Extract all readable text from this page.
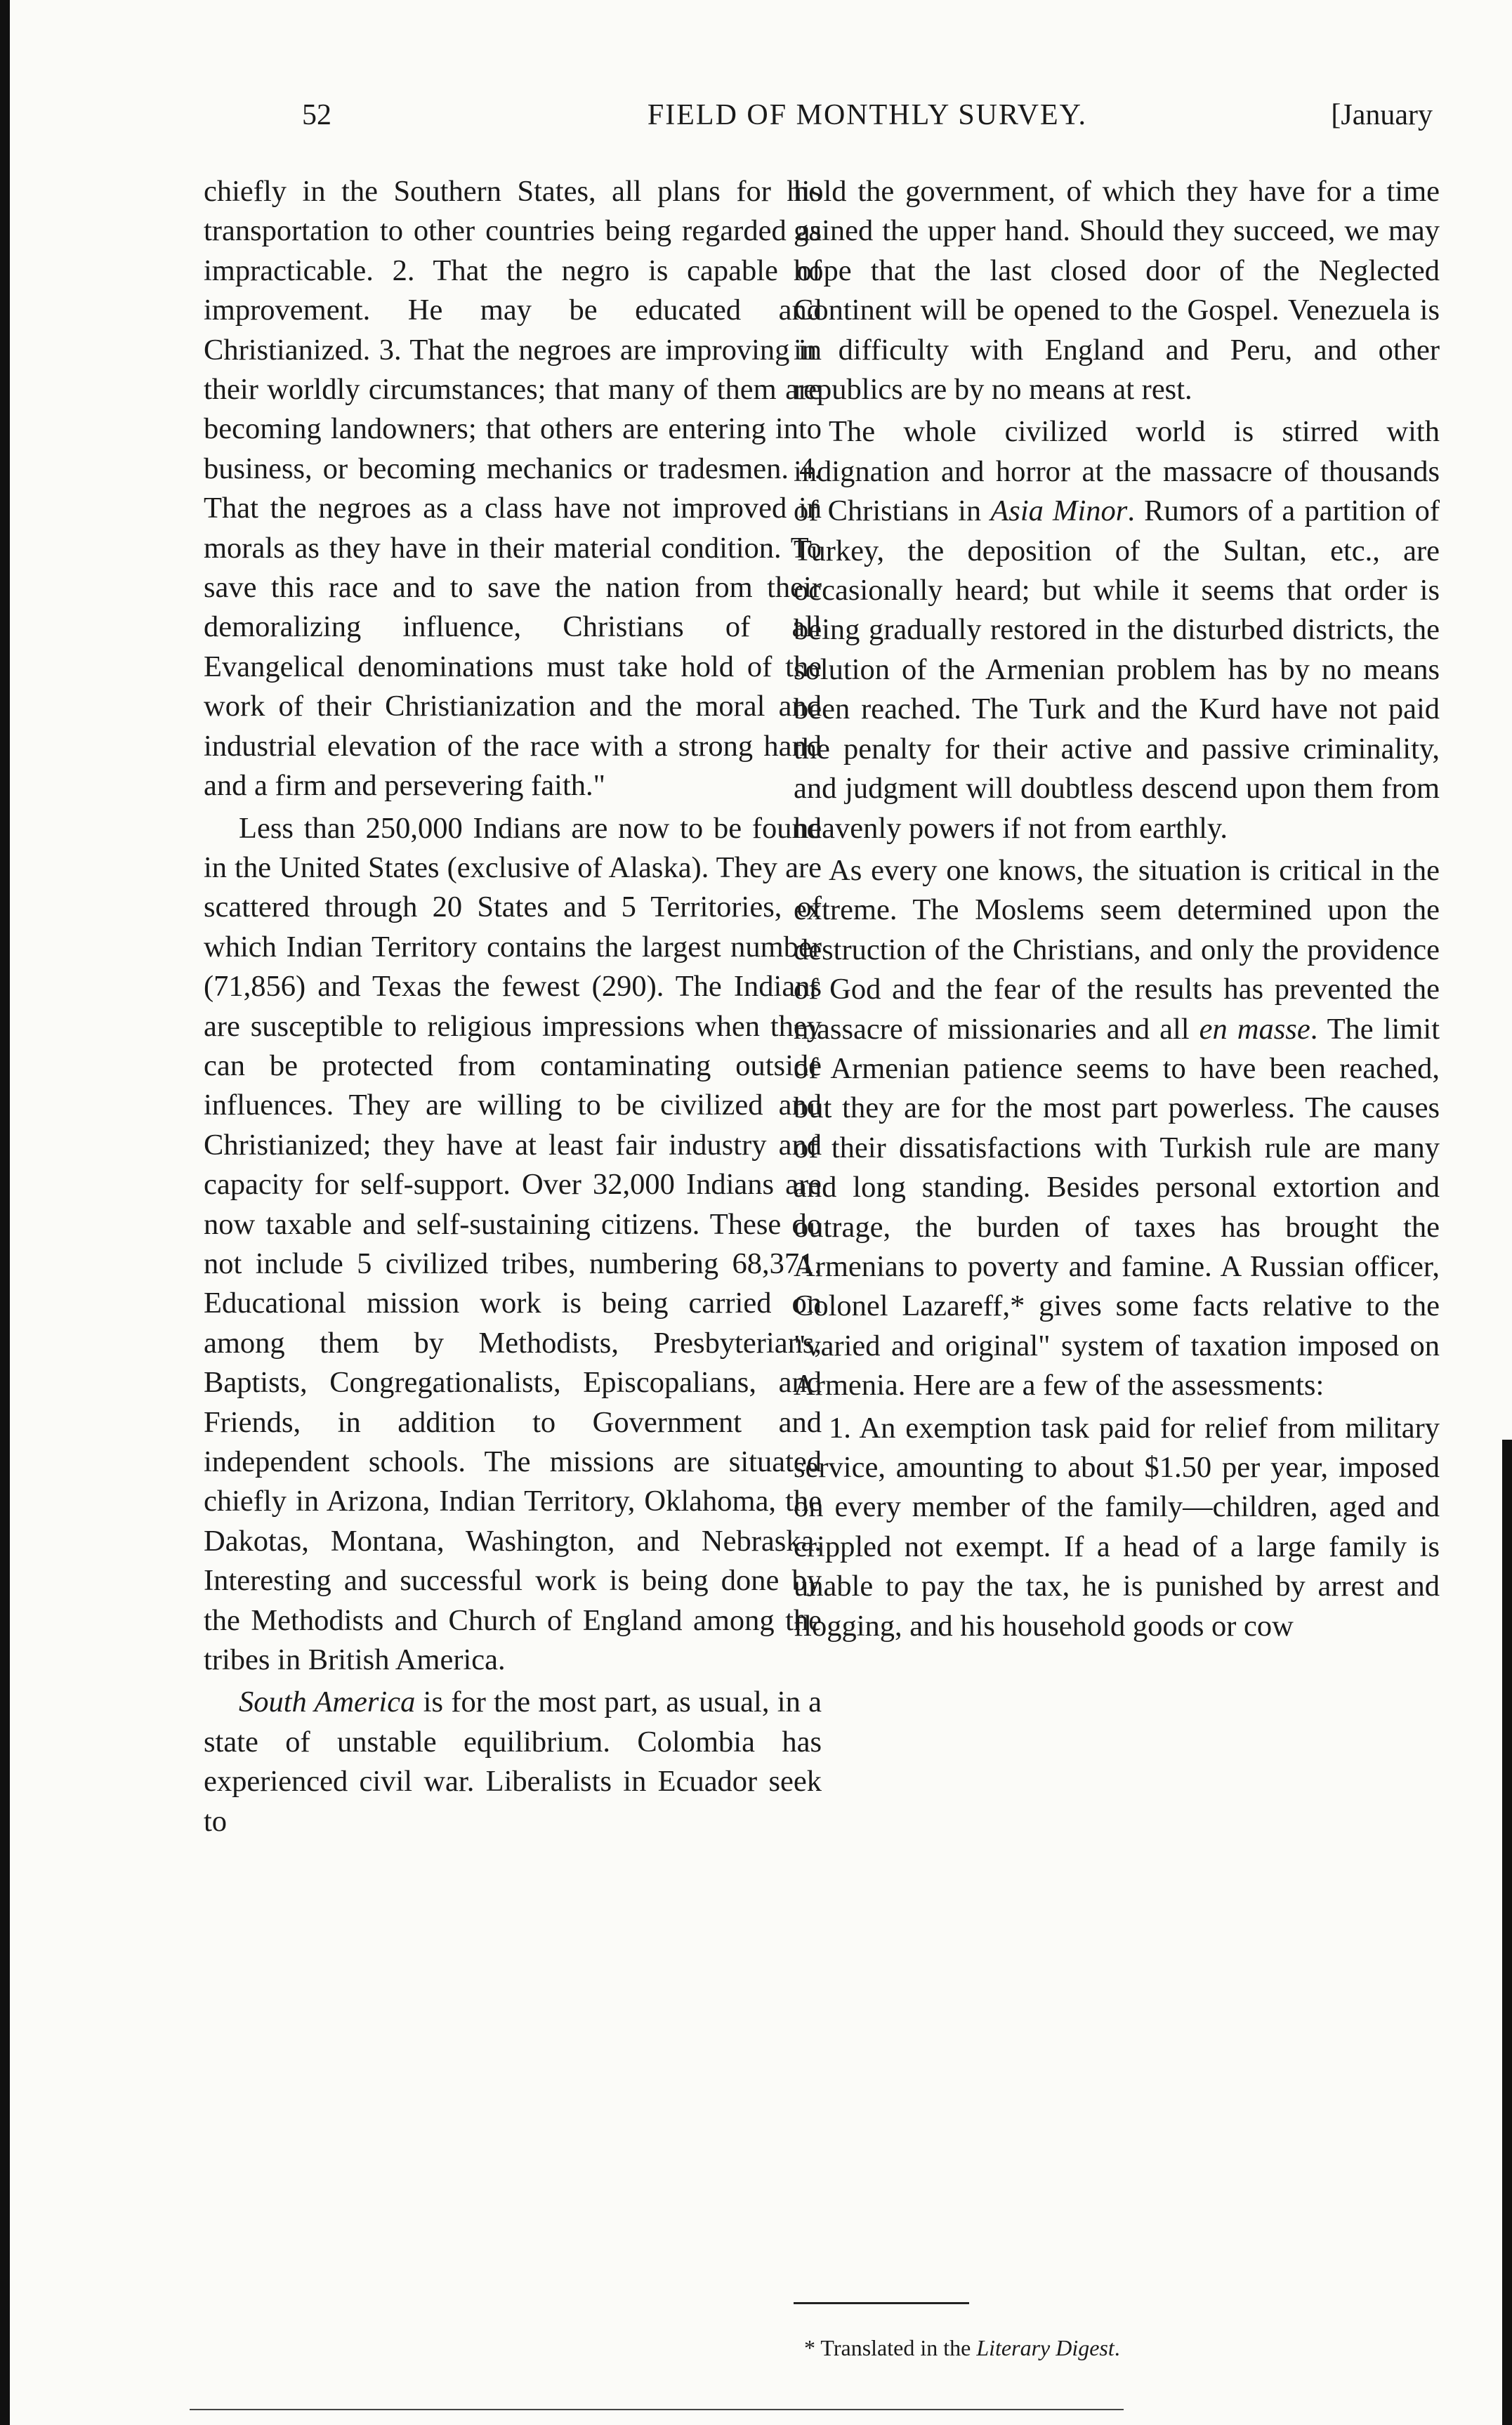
52	FIELD OF MONTHLY SURVEY.	[January

chiefly in the Southern States, all plans for his transportation to other countries being regarded as impracticable. 2. That the negro is capable of improvement. He may be educated and Christianized. 3. That the negroes are improving in their worldly circumstances; that many of them are becoming landowners; that others are entering into business, or becoming mechanics or tradesmen. 4. That the negroes as a class have not improved in morals as they have in their material condition. To save this race and to save the nation from their demoralizing influence, Christians of all Evangelical denominations must take hold of the work of their Christianization and the moral and industrial elevation of the race with a strong hand and a firm and persevering faith."

Less than 250,000 Indians are now to be found in the United States (exclusive of Alaska). They are scattered through 20 States and 5 Territories, of which Indian Territory contains the largest number (71,856) and Texas the fewest (290). The Indians are susceptible to religious impressions when they can be protected from contaminating outside influences. They are willing to be civilized and Christianized; they have at least fair industry and capacity for self-support. Over 32,000 Indians are now taxable and self-sustaining citizens. These do not include 5 civilized tribes, numbering 68,371. Educational mission work is being carried on among them by Methodists, Presbyterians, Baptists, Congregationalists, Episcopalians, and Friends, in addition to Government and independent schools. The missions are situated chiefly in Arizona, Indian Territory, Oklahoma, the Dakotas, Montana, Washington, and Nebraska. Interesting and successful work is being done by the Methodists and Church of England among the tribes in British America.

South America is for the most part, as usual, in a state of unstable equilibrium. Colombia has experienced civil war. Liberalists in Ecuador seek to

hold the government, of which they have for a time gained the upper hand. Should they succeed, we may hope that the last closed door of the Neglected Continent will be opened to the Gospel. Venezuela is in difficulty with England and Peru, and other republics are by no means at rest.

The whole civilized world is stirred with indignation and horror at the massacre of thousands of Christians in Asia Minor. Rumors of a partition of Turkey, the deposition of the Sultan, etc., are occasionally heard; but while it seems that order is being gradually restored in the disturbed districts, the solution of the Armenian problem has by no means been reached. The Turk and the Kurd have not paid the penalty for their active and passive criminality, and judgment will doubtless descend upon them from heavenly powers if not from earthly.

As every one knows, the situation is critical in the extreme. The Moslems seem determined upon the destruction of the Christians, and only the providence of God and the fear of the results has prevented the massacre of missionaries and all en masse. The limit of Armenian patience seems to have been reached, but they are for the most part powerless. The causes of their dissatisfactions with Turkish rule are many and long standing. Besides personal extortion and outrage, the burden of taxes has brought the Armenians to poverty and famine. A Russian officer, Colonel Lazareff,* gives some facts relative to the "varied and original" system of taxation imposed on Armenia. Here are a few of the assessments:

1. An exemption task paid for relief from military service, amounting to about $1.50 per year, imposed on every member of the family—children, aged and crippled not exempt. If a head of a large family is unable to pay the tax, he is punished by arrest and flogging, and his household goods or cow

* Translated in the Literary Digest.
